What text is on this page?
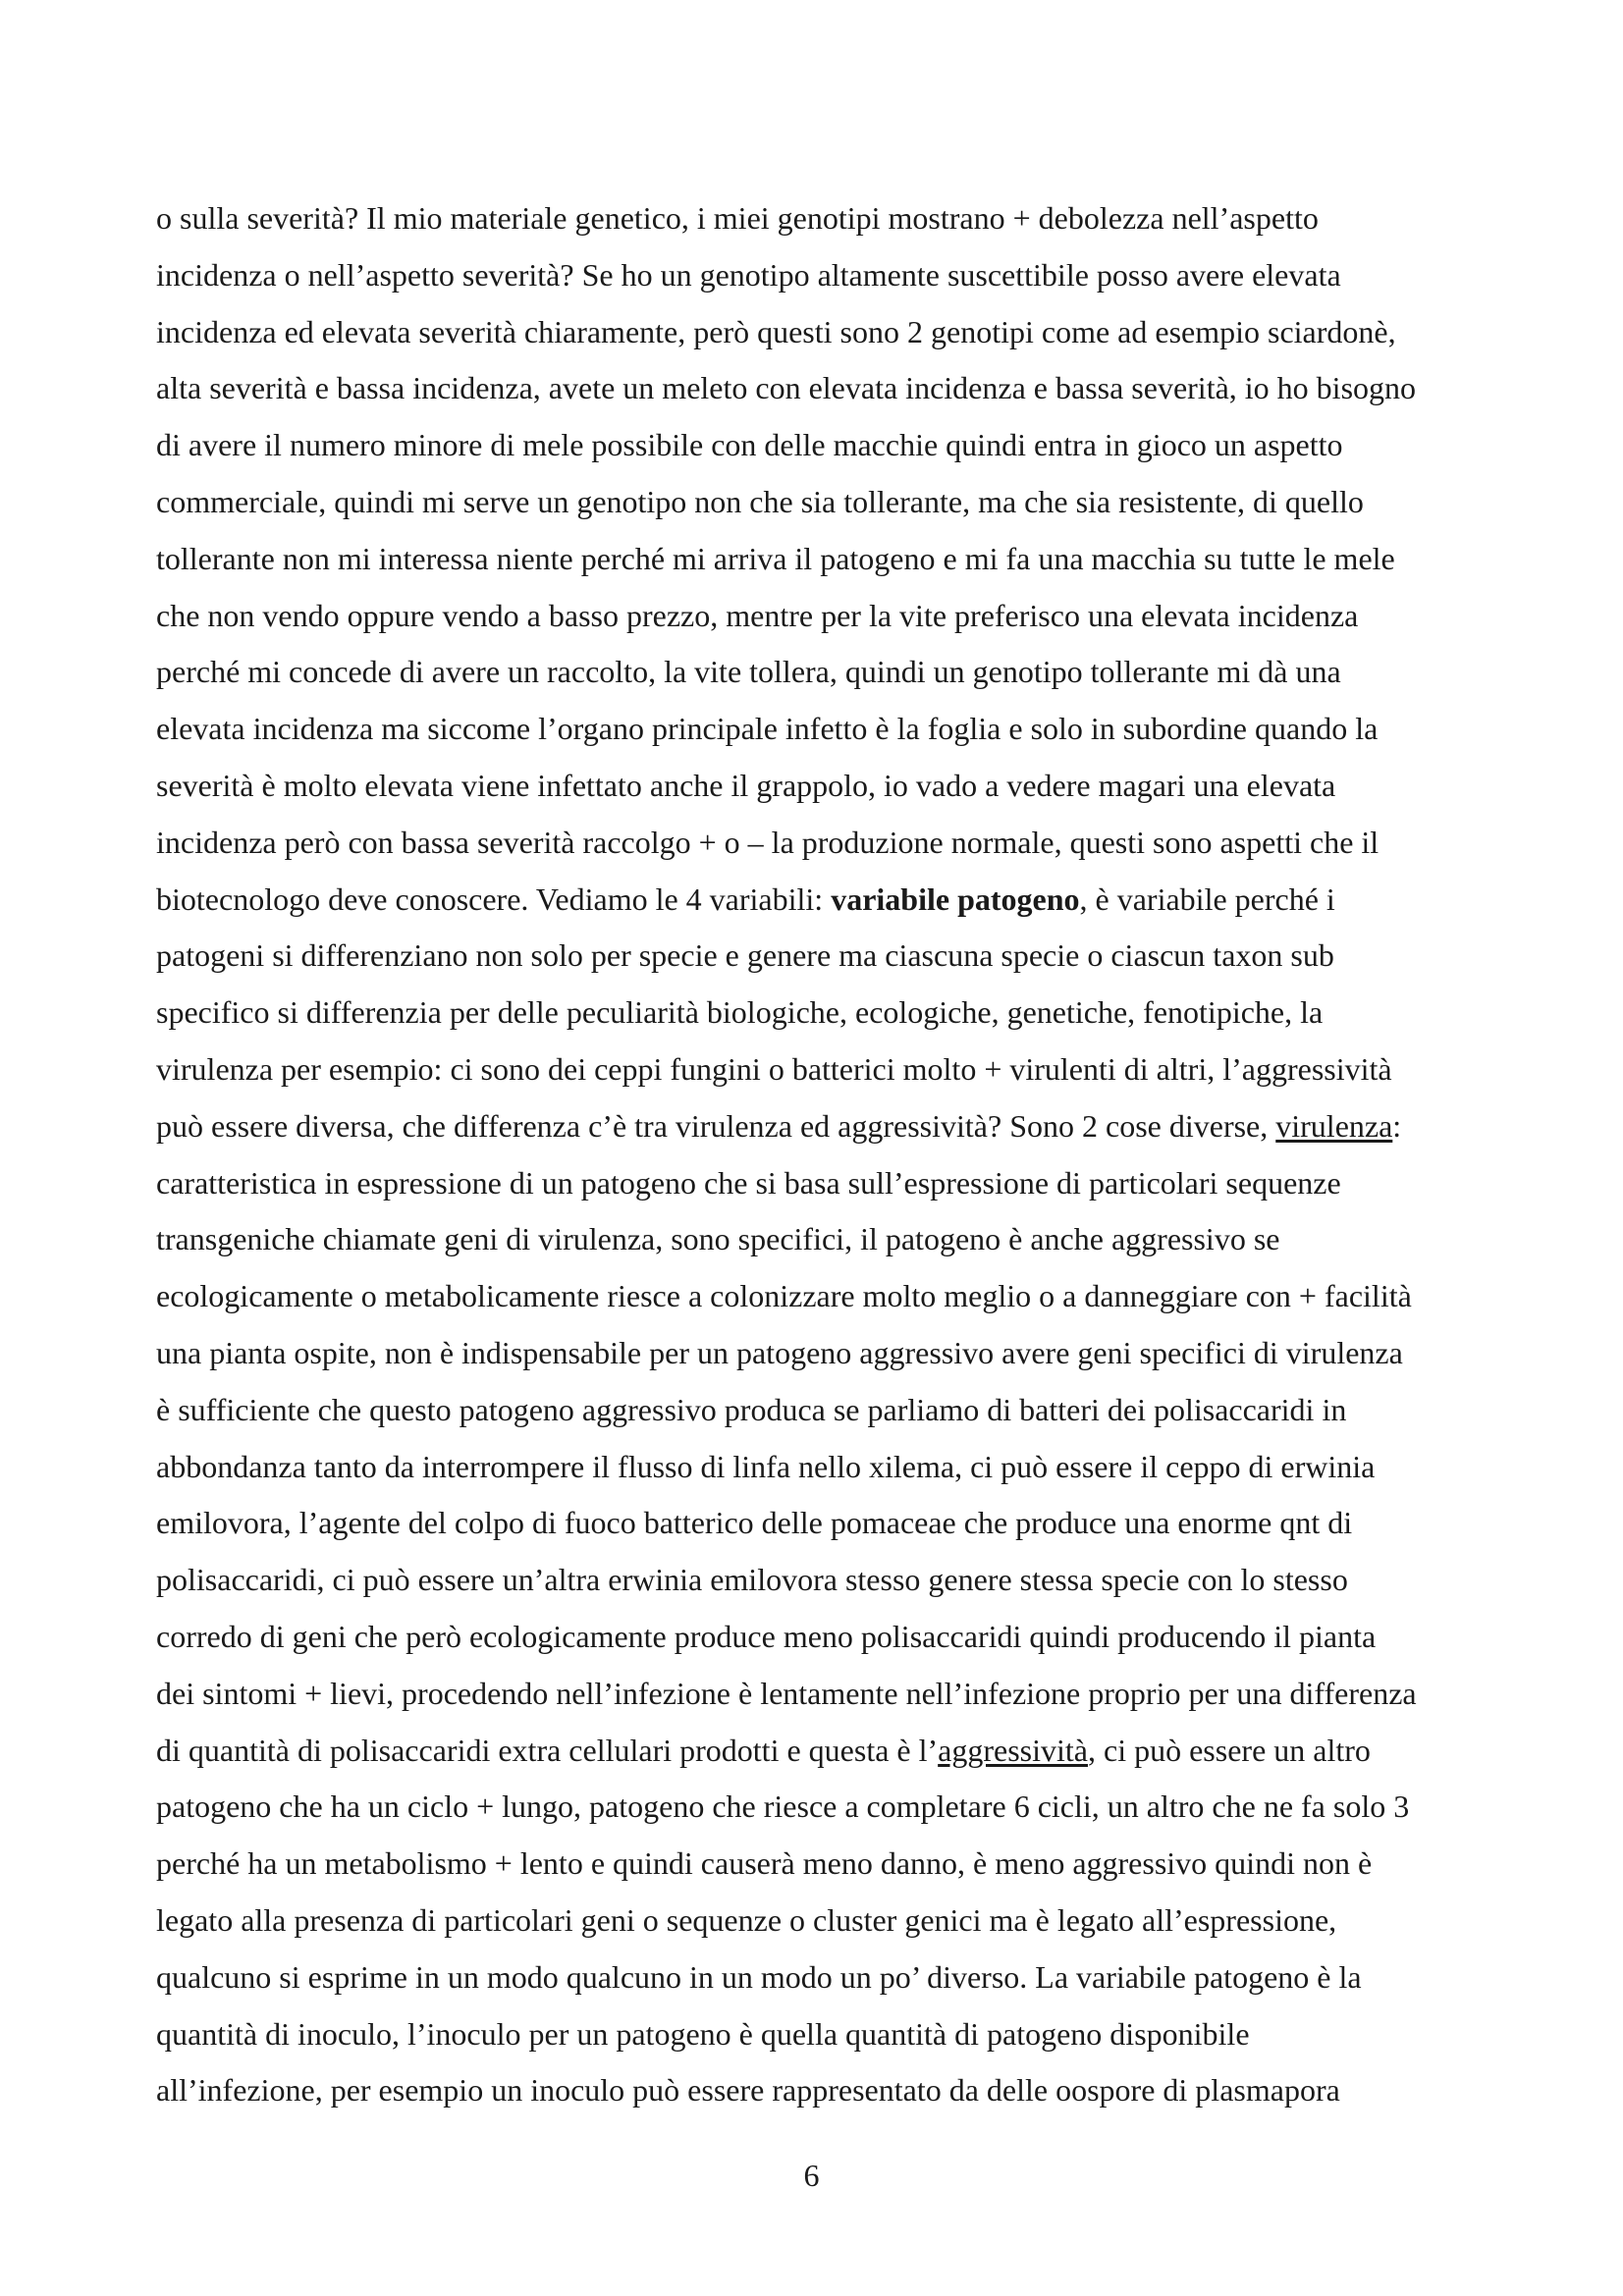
o sulla severità? Il mio materiale genetico, i miei genotipi mostrano + debolezza nell’aspetto
incidenza o nell’aspetto severità? Se ho un genotipo altamente suscettibile posso avere elevata
incidenza ed elevata severità chiaramente, però questi sono 2 genotipi come ad esempio sciardonè,
alta severità e bassa incidenza, avete un meleto con elevata incidenza e bassa severità, io ho bisogno
di avere il numero minore di mele possibile con delle macchie quindi entra in gioco un aspetto
commerciale, quindi mi serve un genotipo non che sia tollerante, ma che sia resistente, di quello
tollerante non mi interessa niente perché mi arriva il patogeno e mi fa una macchia su tutte le mele
che non vendo oppure vendo a basso prezzo, mentre per la vite preferisco una elevata incidenza
perché mi concede di avere un raccolto, la vite tollera, quindi un genotipo tollerante mi dà una
elevata incidenza ma siccome l’organo principale infetto è la foglia e solo in subordine quando la
severità è molto elevata viene infettato anche il grappolo, io vado a vedere magari una elevata
incidenza però con bassa severità raccolgo + o – la produzione normale, questi sono aspetti che il
biotecnologo deve conoscere. Vediamo le 4 variabili: variabile patogeno, è variabile perché i
patogeni si differenziano non solo per specie e genere ma ciascuna specie o ciascun taxon sub
specifico si differenzia per delle peculiarità biologiche, ecologiche, genetiche, fenotipiche, la
virulenza per esempio: ci sono dei ceppi fungini o batterici molto + virulenti di altri, l’aggressività
può essere diversa, che differenza c’è tra virulenza ed aggressività? Sono 2 cose diverse, virulenza:
caratteristica in espressione di un patogeno che si basa sull’espressione di particolari sequenze
transgeniche chiamate geni di virulenza, sono specifici, il patogeno è anche aggressivo se
ecologicamente o metabolicamente riesce a colonizzare molto meglio o a danneggiare con + facilità
una pianta ospite, non è indispensabile per un patogeno aggressivo avere geni specifici di virulenza
è sufficiente che questo patogeno aggressivo produca se parliamo di batteri dei polisaccaridi in
abbondanza tanto da interrompere il flusso di linfa nello xilema, ci può essere il ceppo di erwinia
emilovora, l’agente del colpo di fuoco batterico delle pomaceae che produce una enorme qnt di
polisaccaridi, ci può essere un’altra erwinia emilovora stesso genere stessa specie con lo stesso
corredo di geni che però ecologicamente produce meno polisaccaridi quindi producendo il pianta
dei sintomi + lievi, procedendo nell’infezione è lentamente nell’infezione proprio per una differenza
di quantità di polisaccaridi extra cellulari prodotti e questa è l’aggressività, ci può essere un altro
patogeno che ha un ciclo + lungo, patogeno che riesce a completare 6 cicli, un altro che ne fa solo 3
perché ha un metabolismo + lento e quindi causerà meno danno, è meno aggressivo quindi non è
legato alla presenza di particolari geni o sequenze o cluster genici ma è legato all’espressione,
qualcuno si esprime in un modo qualcuno in un modo un po’ diverso. La variabile patogeno è la
quantità di inoculo, l’inoculo per un patogeno è quella quantità di patogeno disponibile
all’infezione, per esempio un inoculo può essere rappresentato da delle oospore di plasmapora
6
